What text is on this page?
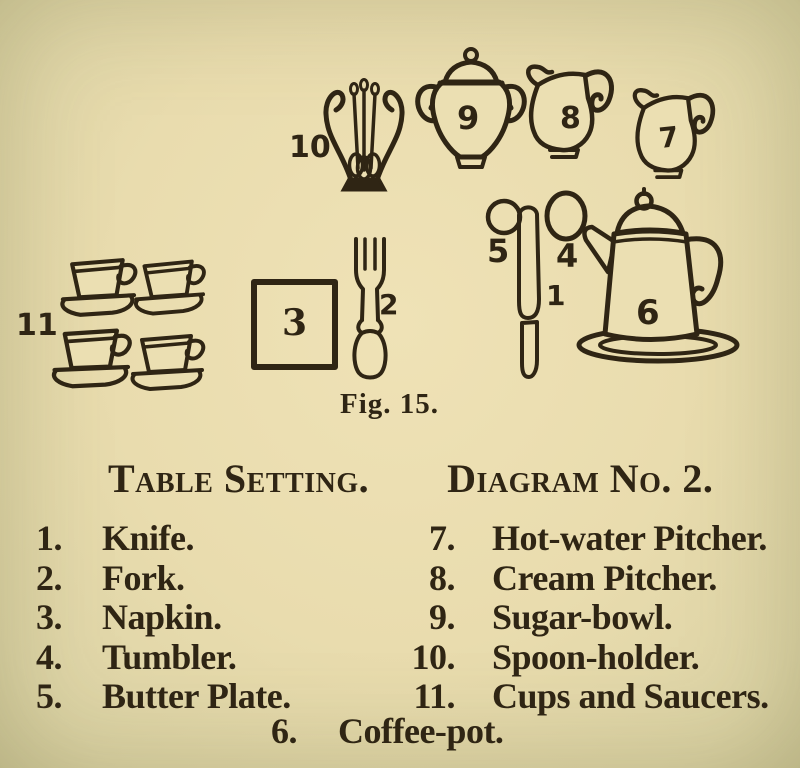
10
9	8
7
5 4
1 6
11	3	2
Fig. 15.
Table Setting. Diagram No. 2.
1. Knife.
2. Fork.
3. Napkin.
4. Tumbler.
5. Butter Plate.
7. Hot-water Pitcher.
8. Cream Pitcher.
9. Sugar-bowl.
10. Spoon-holder.
11. Cups and Saucers.
6. Coffee-pot.
